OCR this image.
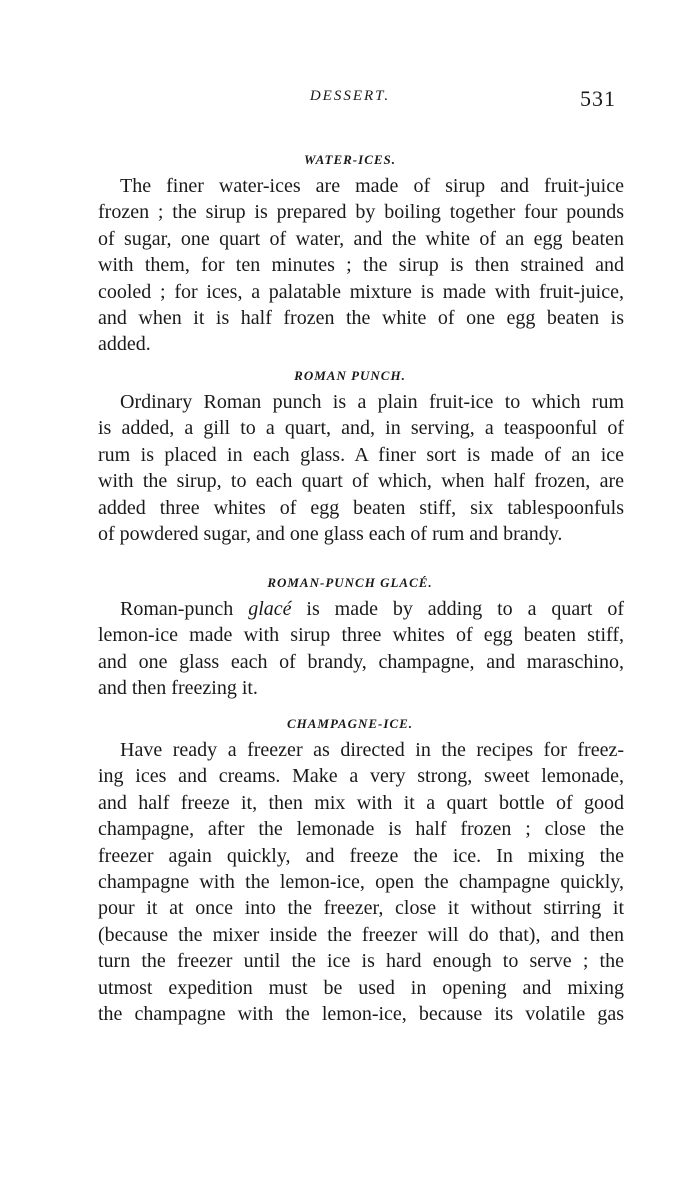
DESSERT.	531
WATER-ICES.
The finer water-ices are made of sirup and fruit-juice
frozen ; the sirup is prepared by boiling together four pounds
of sugar, one quart of water, and the white of an egg beaten
with them, for ten minutes ; the sirup is then strained and
cooled ; for ices, a palatable mixture is made with fruit-juice,
and when it is half frozen the white of one egg beaten is
added.
ROMAN PUNCH.
Ordinary Roman punch is a plain fruit-ice to which rum
is added, a gill to a quart, and, in serving, a teaspoonful of
rum is placed in each glass. A finer sort is made of an ice
with the sirup, to each quart of which, when half frozen, are
added three whites of egg beaten stiff, six tablespoonfuls
of powdered sugar, and one glass each of rum and brandy.
ROMAN-PUNCH GLACÉ.
Roman-punch glacé is made by adding to a quart of
lemon-ice made with sirup three whites of egg beaten stiff,
and one glass each of brandy, champagne, and maraschino,
and then freezing it.
CHAMPAGNE-ICE.
Have ready a freezer as directed in the recipes for freez-
ing ices and creams. Make a very strong, sweet lemonade,
and half freeze it, then mix with it a quart bottle of good
champagne, after the lemonade is half frozen ; close the
freezer again quickly, and freeze the ice. In mixing the
champagne with the lemon-ice, open the champagne quickly,
pour it at once into the freezer, close it without stirring it
(because the mixer inside the freezer will do that), and then
turn the freezer until the ice is hard enough to serve ; the
utmost expedition must be used in opening and mixing
the champagne with the lemon-ice, because its volatile gas
